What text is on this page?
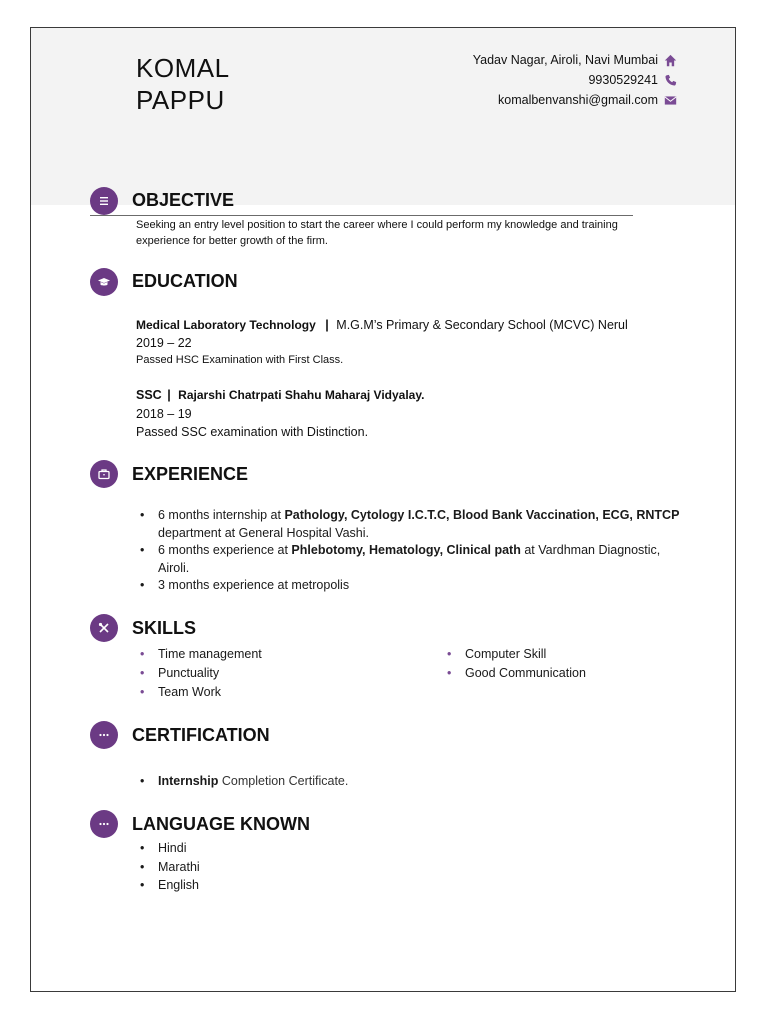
KOMAL
PAPPU
Yadav Nagar, Airoli, Navi Mumbai
9930529241
komalbenvanshi@gmail.com
OBJECTIVE
Seeking an entry level position to start the career where I could perform my knowledge and training
experience for better growth of the firm.
EDUCATION
Medical Laboratory Technology | M.G.M’s Primary & Secondary School (MCVC) Nerul
2019 – 22
Passed HSC Examination with First Class.
SSC | Rajarshi Chatrpati Shahu Maharaj Vidyalay.
2018 – 19
Passed SSC examination with Distinction.
EXPERIENCE
• 6 months internship at Pathology, Cytology I.C.T.C, Blood Bank Vaccination, ECG, RNTCP
department at General Hospital Vashi.
• 6 months experience at Phlebotomy, Hematology, Clinical path at Vardhman Diagnostic,
Airoli.
• 3 months experience at metropolis
SKILLS
• Time management
• Punctuality
• Team Work
• Computer Skill
• Good Communication
CERTIFICATION
• Internship Completion Certificate.
LANGUAGE KNOWN
• Hindi
• Marathi
• English
